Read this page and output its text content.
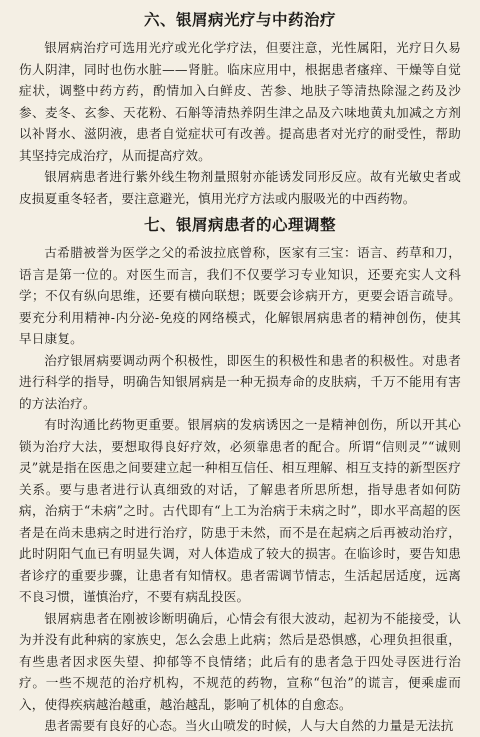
六、银屑病光疗与中药治疗

银屑病治疗可选用光疗或光化学疗法，但要注意，光性属阳，光疗日久易伤人阴津，同时也伤水脏——肾脏。临床应用中，根据患者瘙痒、干燥等自觉症状，调整中药方药，酌情加入白鲜皮、苦参、地肤子等清热除湿之药及沙参、麦冬、玄参、天花粉、石斛等清热养阴生津之品及六味地黄丸加减之方剂以补肾水、滋阴液，患者自觉症状可有改善。提高患者对光疗的耐受性，帮助其坚持完成治疗，从而提高疗效。

银屑病患者进行紫外线生物剂量照射亦能诱发同形反应。故有光敏史者或皮损夏重冬轻者，要注意避光，慎用光疗方法或内服吸光的中西药物。

七、银屑病患者的心理调整

古希腊被誉为医学之父的希波拉底曾称，医家有三宝：语言、药草和刀，语言是第一位的。对医生而言，我们不仅要学习专业知识，还要充实人文科学；不仅有纵向思维，还要有横向联想；既要会诊病开方，更要会语言疏导。要充分利用精神-内分泌-免疫的网络模式，化解银屑病患者的精神创伤，使其早日康复。

治疗银屑病要调动两个积极性，即医生的积极性和患者的积极性。对患者进行科学的指导，明确告知银屑病是一种无损寿命的皮肤病，千万不能用有害的方法治疗。

有时沟通比药物更重要。银屑病的发病诱因之一是精神创伤，所以开其心锁为治疗大法，要想取得良好疗效，必须靠患者的配合。所谓“信则灵”“诚则灵”就是指在医患之间要建立起一种相互信任、相互理解、相互支持的新型医疗关系。要与患者进行认真细致的对话，了解患者所思所想，指导患者如何防病，治病于“未病”之时。古代即有“上工为治病于未病之时”，即水平高超的医者是在尚未患病之时进行治疗，防患于未然，而不是在起病之后再被动治疗，此时阴阳气血已有明显失调，对人体造成了较大的损害。在临诊时，要告知患者诊疗的重要步骤，让患者有知情权。患者需调节情志，生活起居适度，远离不良习惯，谨慎治疗，不要有病乱投医。

银屑病患者在刚被诊断明确后，心情会有很大波动，起初为不能接受，认为并没有此种病的家族史，怎么会患上此病；然后是恐惧感，心理负担很重，有些患者因求医失望、抑郁等不良情绪；此后有的患者急于四处寻医进行治疗。一些不规范的治疗机构，不规范的药物，宣称“包治”的谎言，便乘虚而入，使得疾病越治越重，越治越乱，影响了机体的自愈态。

患者需要有良好的心态。当火山喷发的时候，人与大自然的力量是无法抗
